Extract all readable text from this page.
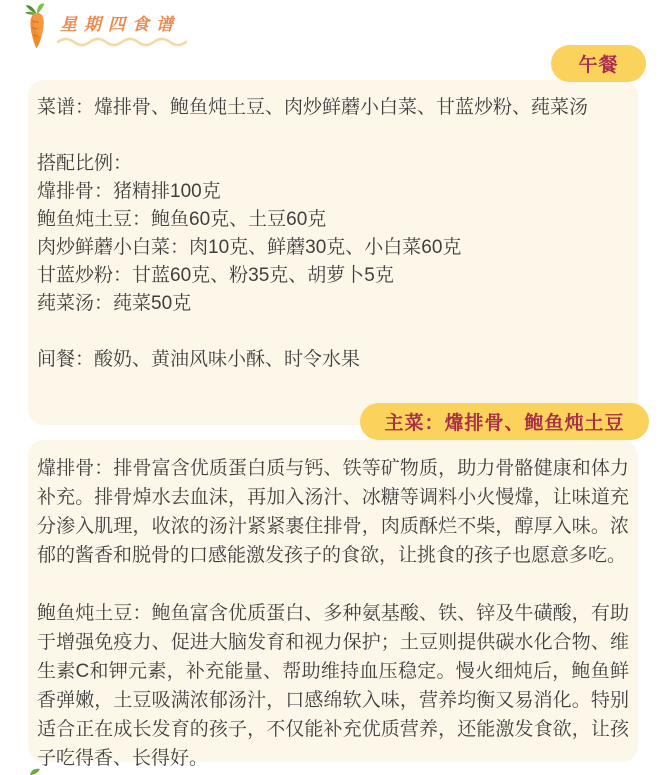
星期四食谱
午餐

菜谱：㸆排骨、鲍鱼炖土豆、肉炒鲜蘑小白菜、甘蓝炒粉、莼菜汤

搭配比例：

㸆排骨：猪精排100克

鲍鱼炖土豆：鲍鱼60克、土豆60克

肉炒鲜蘑小白菜：肉10克、鲜蘑30克、小白菜60克

甘蓝炒粉：甘蓝60克、粉35克、胡萝卜5克

莼菜汤：莼菜50克

间餐：酸奶、黄油风味小酥、时令水果

主菜：㸆排骨、鲍鱼炖土豆

㸆排骨：排骨富含优质蛋白质与钙、铁等矿物质，助力骨骼健康和体力补充。排骨焯水去血沫，再加入汤汁、冰糖等调料小火慢㸆，让味道充分渗入肌理，收浓的汤汁紧紧裹住排骨，肉质酥烂不柴，醇厚入味。浓郁的酱香和脱骨的口感能激发孩子的食欲，让挑食的孩子也愿意多吃。

鲍鱼炖土豆：鲍鱼富含优质蛋白、多种氨基酸、铁、锌及牛磺酸，有助于增强免疫力、促进大脑发育和视力保护；土豆则提供碳水化合物、维生素C和钾元素，补充能量、帮助维持血压稳定。慢火细炖后，鲍鱼鲜香弹嫩，土豆吸满浓郁汤汁，口感绵软入味，营养均衡又易消化。特别适合正在成长发育的孩子，不仅能补充优质营养，还能激发食欲，让孩子吃得香、长得好。
